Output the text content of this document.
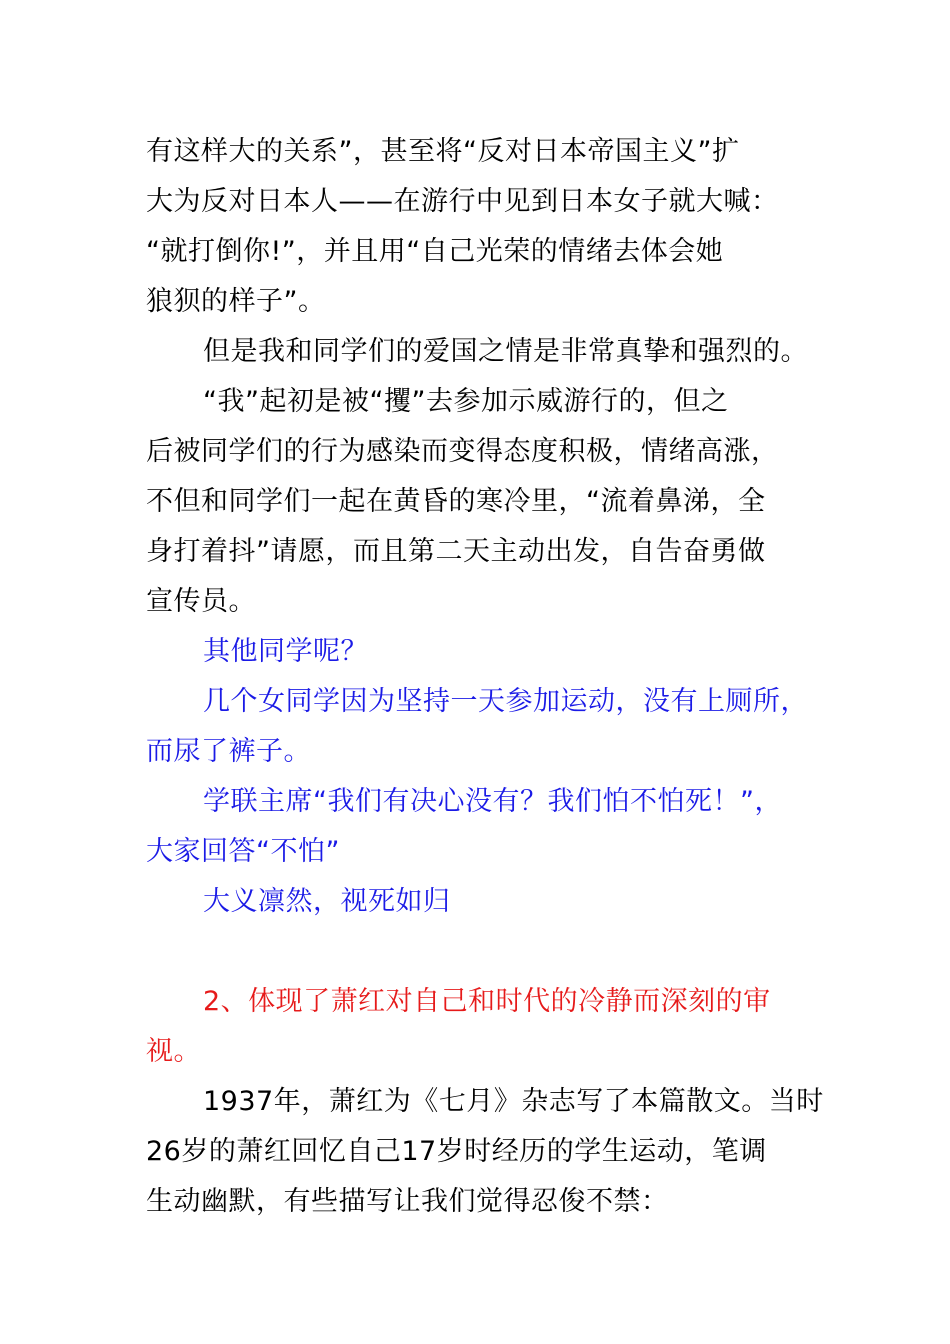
有这样大的关系”，甚至将“反对日本帝国主义”扩
大为反对日本人——在游行中见到日本女子就大喊：
“就打倒你!”，并且用“自己光荣的情绪去体会她
狼狈的样子”。
但是我和同学们的爱国之情是非常真挚和强烈的。
“我”起初是被“攫”去参加示威游行的，但之
后被同学们的行为感染而变得态度积极，情绪高涨，
不但和同学们一起在黄昏的寒冷里，“流着鼻涕，全
身打着抖”请愿，而且第二天主动出发，自告奋勇做
宣传员。
其他同学呢？
几个女同学因为坚持一天参加运动，没有上厕所，
而尿了裤子。
学联主席“我们有决心没有？我们怕不怕死！”，
大家回答“不怕”
大义凛然，视死如归
2、体现了萧红对自己和时代的冷静而深刻的审
视。
1937年，萧红为《七月》杂志写了本篇散文。当时
26岁的萧红回忆自己17岁时经历的学生运动，笔调
生动幽默，有些描写让我们觉得忍俊不禁：
